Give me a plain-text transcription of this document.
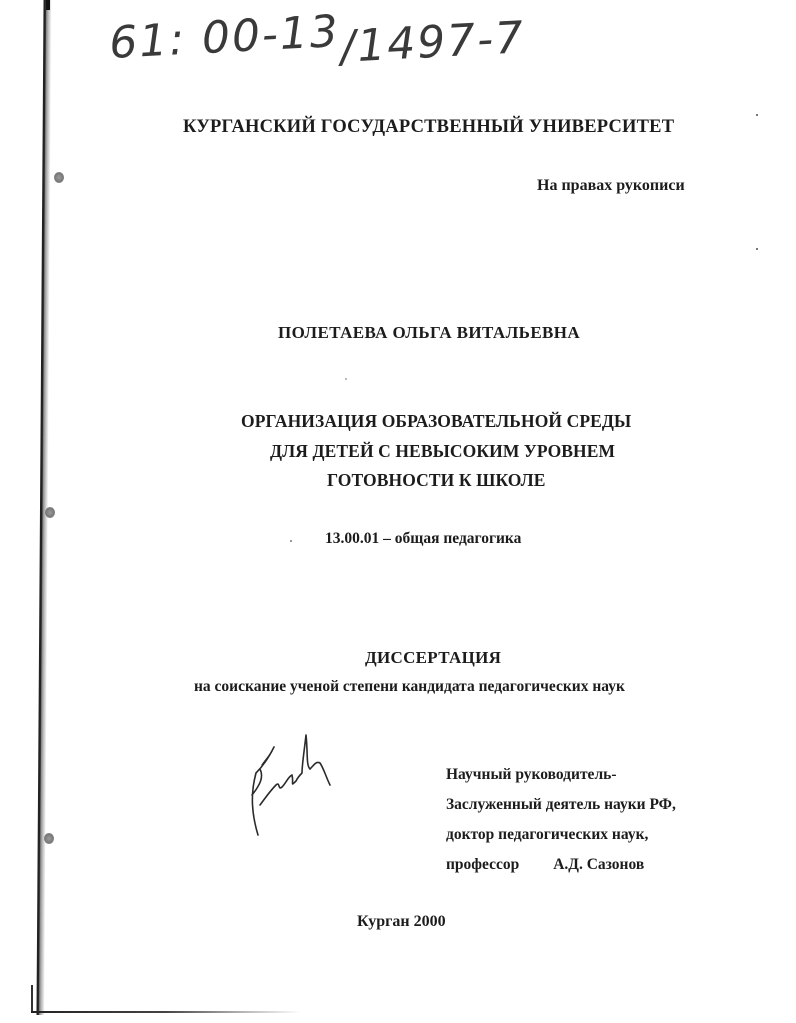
61: 00-13/1497-7
КУРГАНСКИЙ ГОСУДАРСТВЕННЫЙ УНИВЕРСИТЕТ
На правах рукописи
ПОЛЕТАЕВА ОЛЬГА ВИТАЛЬЕВНА
ОРГАНИЗАЦИЯ ОБРАЗОВАТЕЛЬНОЙ СРЕДЫ
ДЛЯ ДЕТЕЙ С НЕВЫСОКИМ УРОВНЕМ
ГОТОВНОСТИ К ШКОЛЕ
13.00.01 – общая педагогика
ДИССЕРТАЦИЯ
на соискание ученой степени кандидата педагогических наук
Научный руководитель-
Заслуженный деятель науки РФ,
доктор педагогических наук,
профессор А.Д. Сазонов
Курган 2000
